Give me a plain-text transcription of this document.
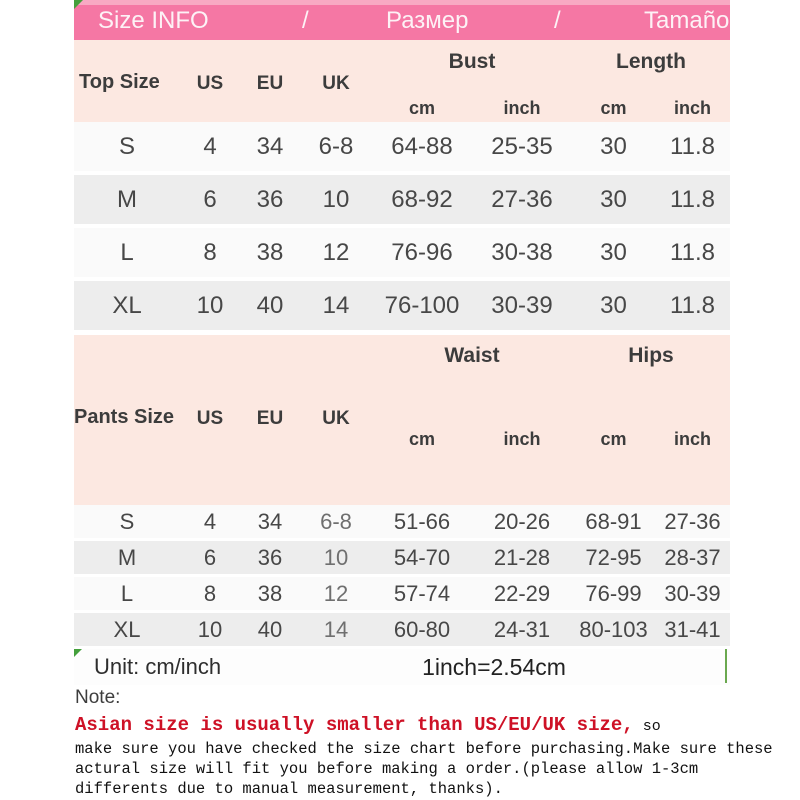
Size INFO	/	Размер	/	Tamaño
Bust	Length
Top Size	US	EU	UK
cm	inch	cm	inch
S	4	34	6-8	64-88	25-35	30	11.8
M	6	36	10	68-92	27-36	30	11.8
L	8	38	12	76-96	30-38	30	11.8
XL	10	40	14	76-100	30-39	30	11.8
Waist	Hips
Pants Size	US	EU	UK
cm	inch	cm	inch
S	4	34	6-8	51-66	20-26	68-91	27-36
M	6	36	10	54-70	21-28	72-95	28-37
L	8	38	12	57-74	22-29	76-99	30-39
XL	10	40	14	60-80	24-31	80-103 31-41
Unit: cm/inch	1inch=2.54cm
Note:
Asian size is usually smaller than US/EU/UK size, so
make sure you have checked the size chart before purchasing.Make sure these
actural size will fit you before making a order.(please allow 1-3cm
differents due to manual measurement, thanks).
